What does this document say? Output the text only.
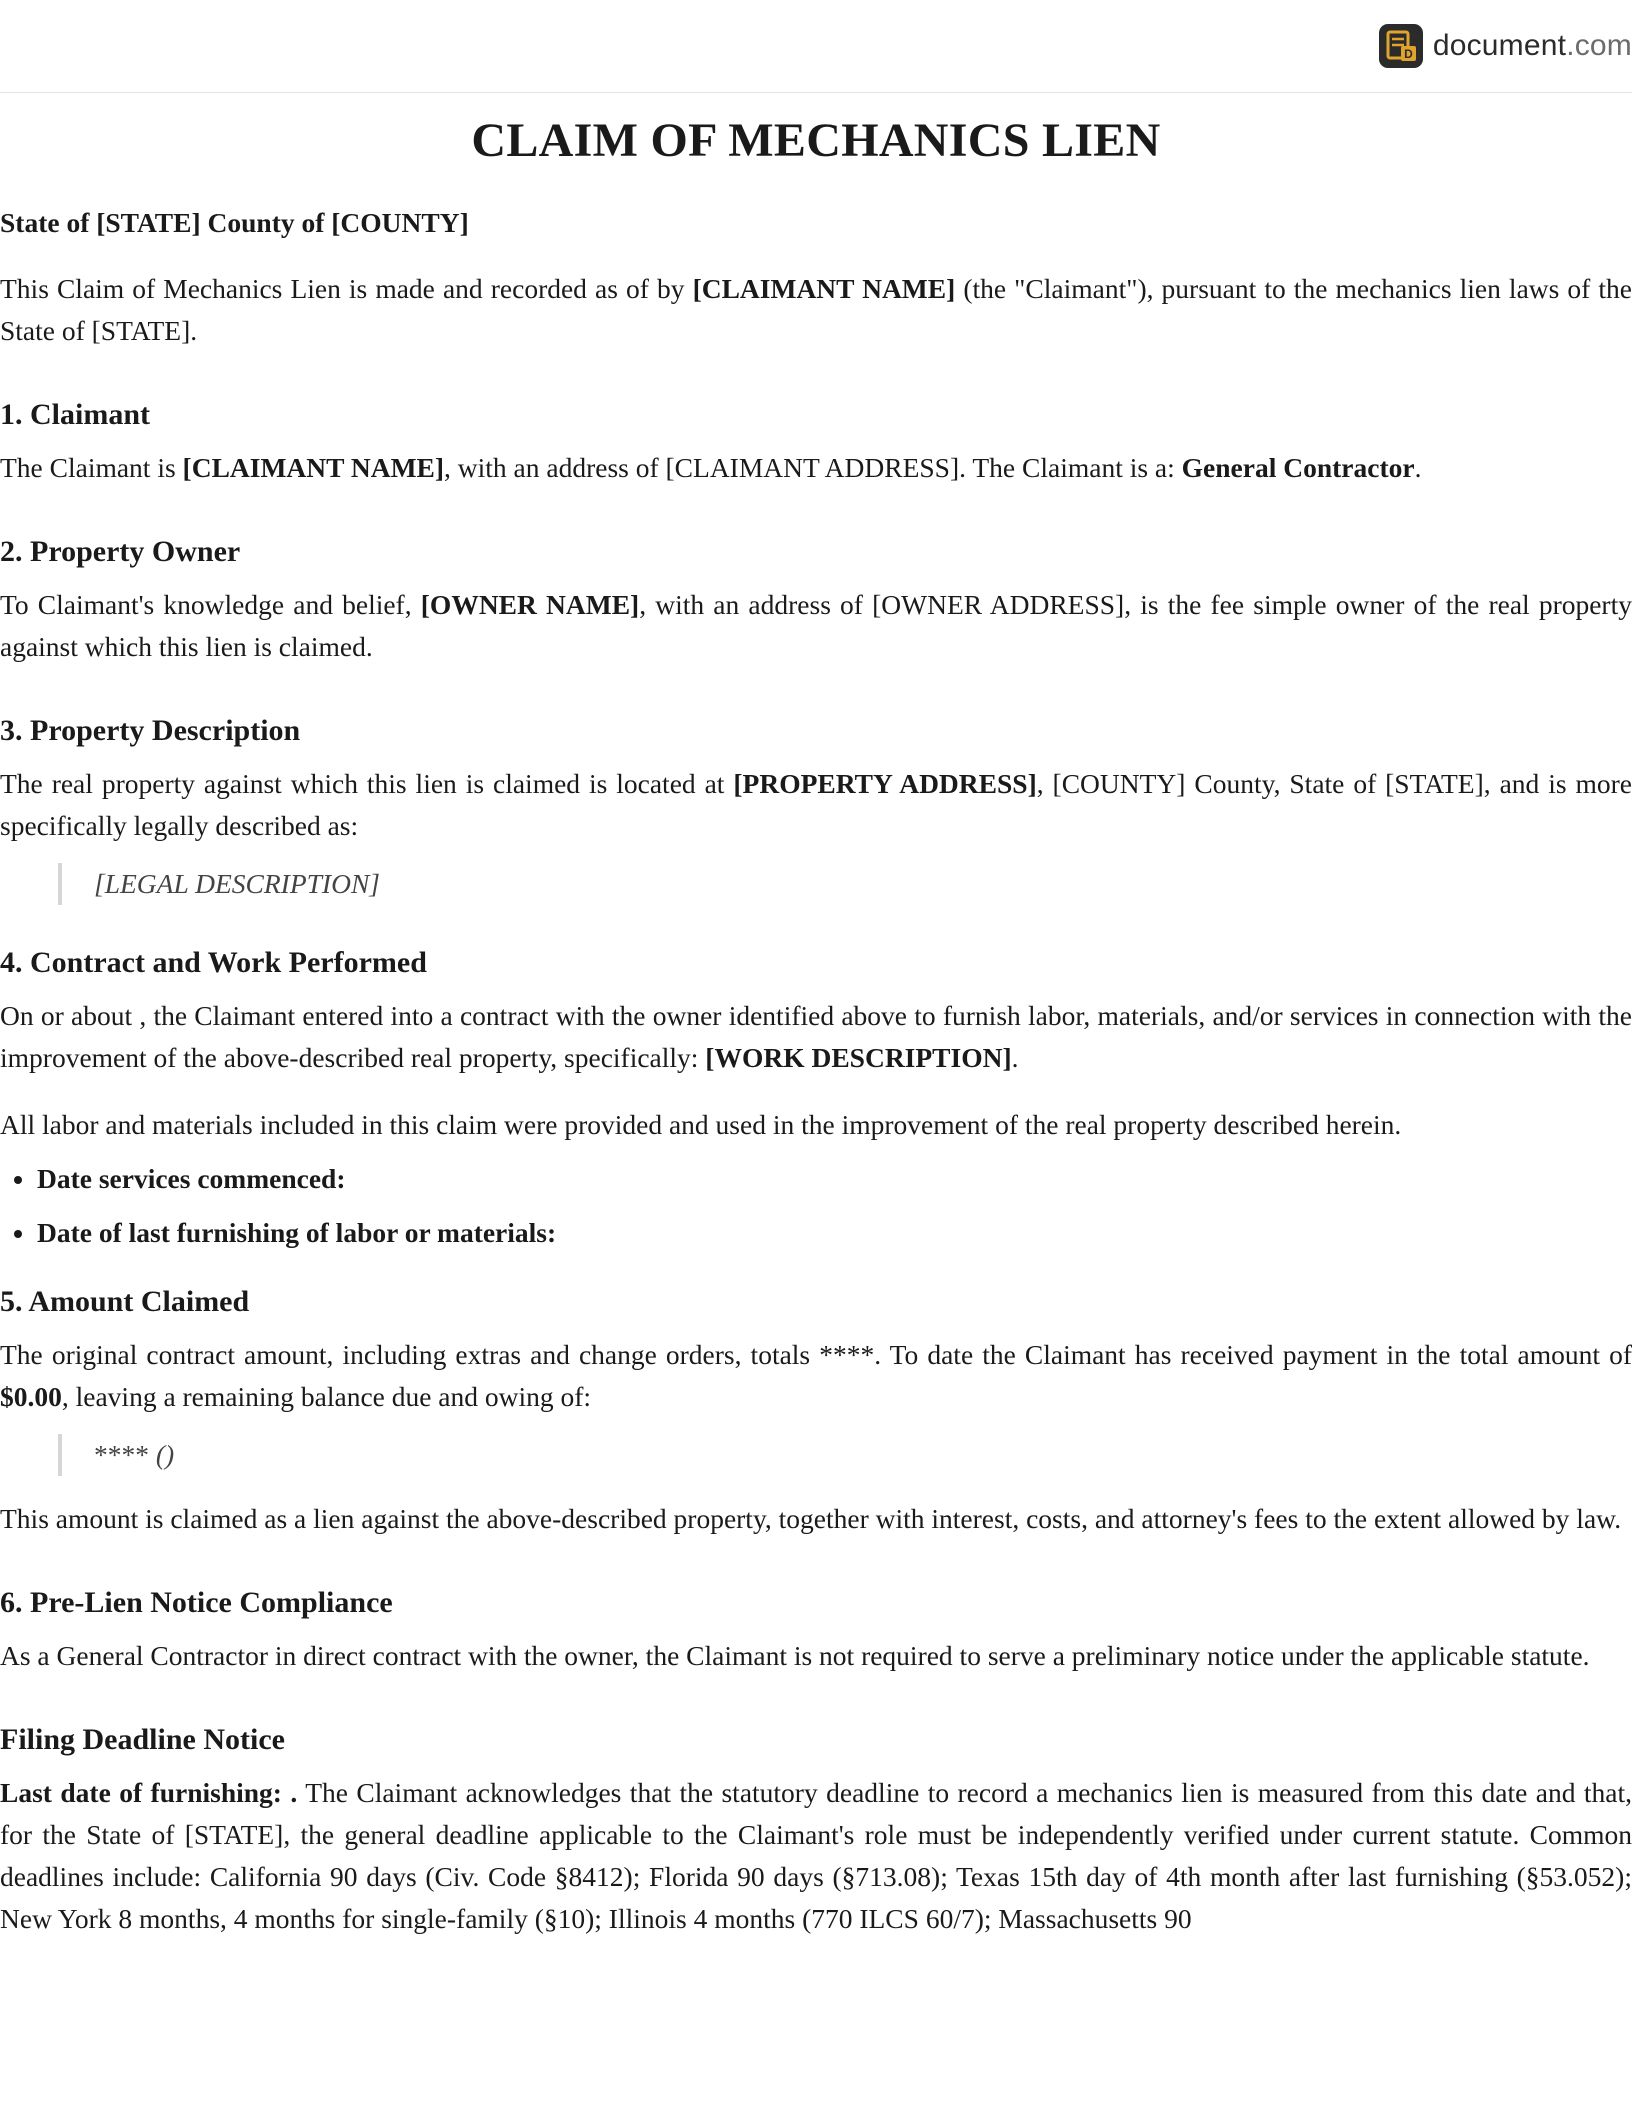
D document.com
CLAIM OF MECHANICS LIEN
State of [STATE] County of [COUNTY]

This Claim of Mechanics Lien is made and recorded as of by [CLAIMANT NAME] (the "Claimant"), pursuant to the mechanics lien laws of the State of [STATE].

1. Claimant

The Claimant is [CLAIMANT NAME], with an address of [CLAIMANT ADDRESS]. The Claimant is a: General Contractor.

2. Property Owner

To Claimant's knowledge and belief, [OWNER NAME], with an address of [OWNER ADDRESS], is the fee simple owner of the real property against which this lien is claimed.

3. Property Description

The real property against which this lien is claimed is located at [PROPERTY ADDRESS], [COUNTY] County, State of [STATE], and is more specifically legally described as:

[LEGAL DESCRIPTION]
4. Contract and Work Performed

On or about , the Claimant entered into a contract with the owner identified above to furnish labor, materials, and/or services in connection with the improvement of the above-described real property, specifically: [WORK DESCRIPTION].

All labor and materials included in this claim were provided and used in the improvement of the real property described herein.

• Date services commenced:
• Date of last furnishing of labor or materials:
5. Amount Claimed

The original contract amount, including extras and change orders, totals ****. To date the Claimant has received payment in the total amount of $0.00, leaving a remaining balance due and owing of:

**** ()

This amount is claimed as a lien against the above-described property, together with interest, costs, and attorney's fees to the extent allowed by law.

6. Pre-Lien Notice Compliance

As a General Contractor in direct contract with the owner, the Claimant is not required to serve a preliminary notice under the applicable statute.

Filing Deadline Notice

Last date of furnishing: . The Claimant acknowledges that the statutory deadline to record a mechanics lien is measured from this date and that, for the State of [STATE], the general deadline applicable to the Claimant's role must be independently verified under current statute. Common deadlines include: California 90 days (Civ. Code §8412); Florida 90 days (§713.08); Texas 15th day of 4th month after last furnishing (§53.052); New York 8 months, 4 months for single-family (§10); Illinois 4 months (770 ILCS 60/7); Massachusetts 90
